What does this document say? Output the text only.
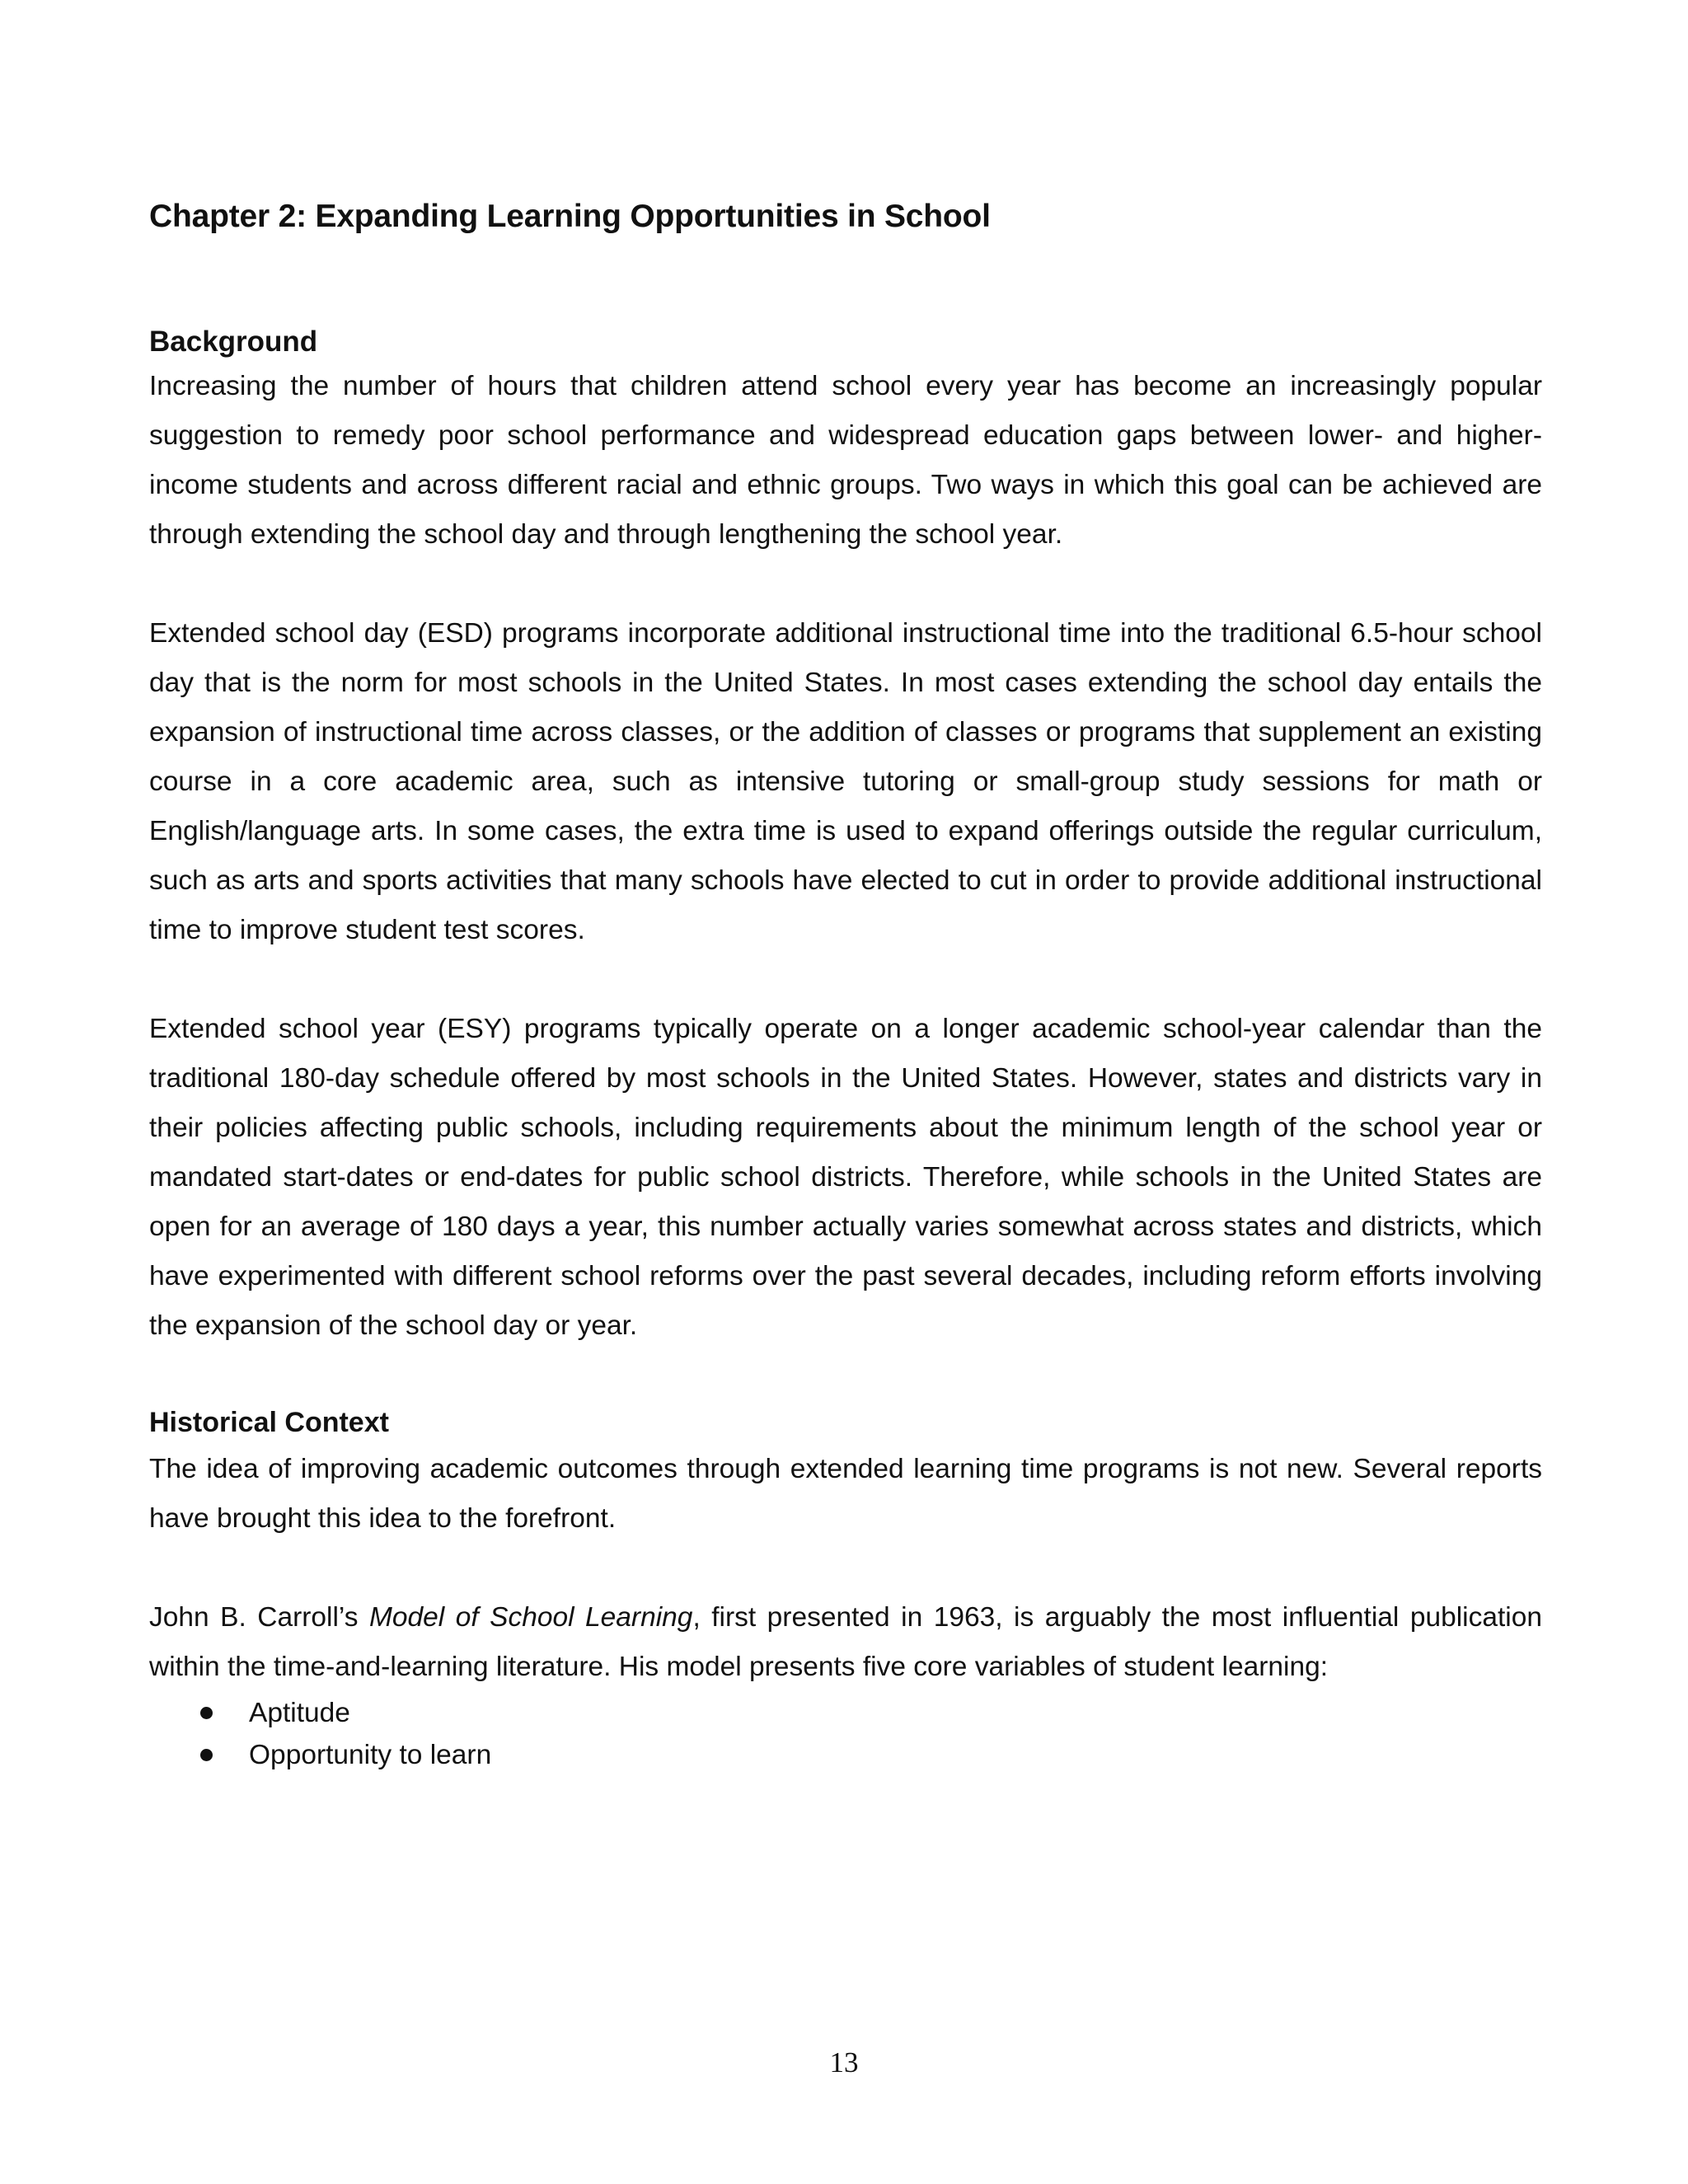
Chapter 2: Expanding Learning Opportunities in School
Background

Increasing the number of hours that children attend school every year has become an increasingly popular suggestion to remedy poor school performance and widespread education gaps between lower- and higher- income students and across different racial and ethnic groups. Two ways in which this goal can be achieved are through extending the school day and through lengthening the school year.

Extended school day (ESD) programs incorporate additional instructional time into the traditional 6.5-hour school day that is the norm for most schools in the United States. In most cases extending the school day entails the expansion of instructional time across classes, or the addition of classes or programs that supplement an existing course in a core academic area, such as intensive tutoring or small-group study sessions for math or English/language arts. In some cases, the extra time is used to expand offerings outside the regular curriculum, such as arts and sports activities that many schools have elected to cut in order to provide additional instructional time to improve student test scores.

Extended school year (ESY) programs typically operate on a longer academic school-year calendar than the traditional 180-day schedule offered by most schools in the United States. However, states and districts vary in their policies affecting public schools, including requirements about the minimum length of the school year or mandated start-dates or end-dates for public school districts. Therefore, while schools in the United States are open for an average of 180 days a year, this number actually varies somewhat across states and districts, which have experimented with different school reforms over the past several decades, including reform efforts involving the expansion of the school day or year.

Historical Context

The idea of improving academic outcomes through extended learning time programs is not new. Several reports have brought this idea to the forefront.

John B. Carroll’s Model of School Learning, first presented in 1963, is arguably the most influential publication within the time-and-learning literature. His model presents five core variables of student learning:

Aptitude
Opportunity to learn
13
